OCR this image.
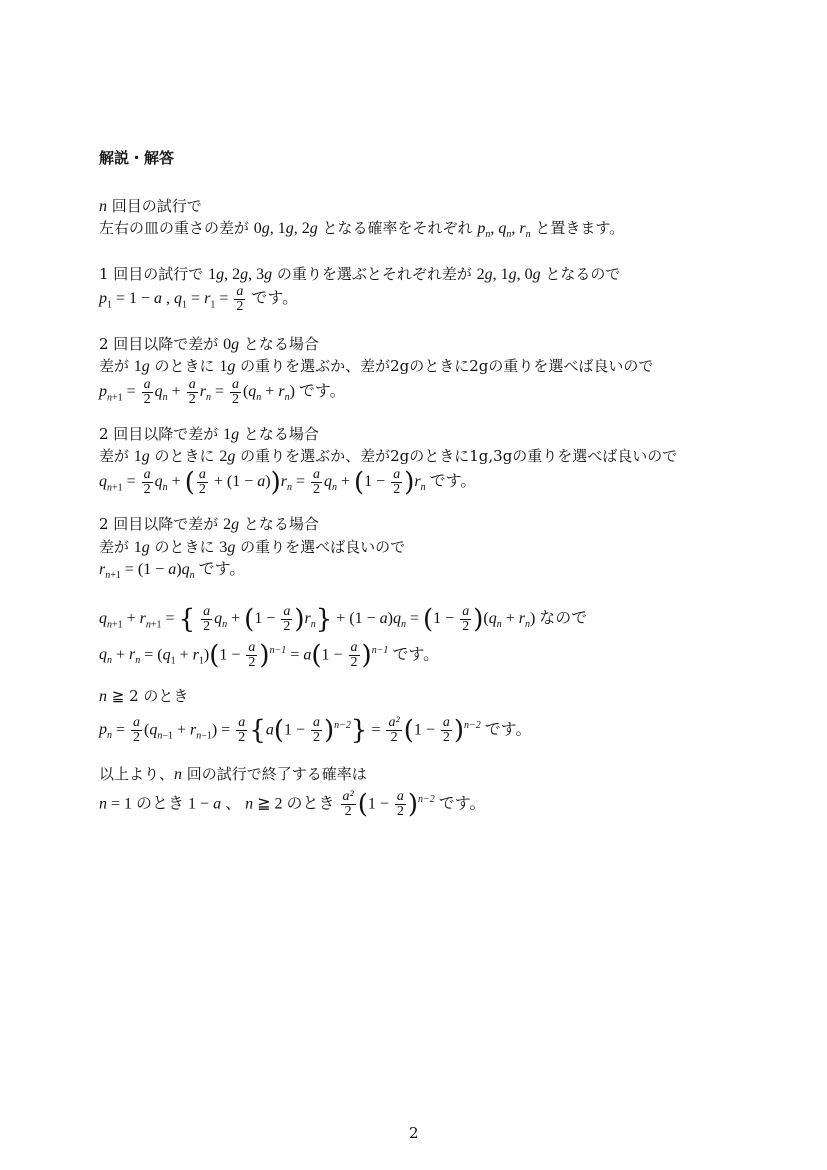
解説・解答
n 回目の試行で
左右の皿の重さの差が 0g, 1g, 2g となる確率をそれぞれ $p_n$, $q_n$, $r_n$ と置きます。
1 回目の試行で 1g, 2g, 3g の重りを選ぶとそれぞれ差が 2g, 1g, 0g となるので
$p_1 = 1 - a$ , $q_1 = r_1 = \frac{a}{2}$ です。
2 回目以降で差が 0g となる場合
差が 1g のときに 1g の重りを選ぶか、差が2gのときに2gの重りを選べば良いので
$p_{n+1} = \frac{a}{2} q_n + \frac{a}{2} r_n = \frac{a}{2} (q_n + r_n)$ です。
2 回目以降で差が 1g となる場合
差が 1g のときに 2g の重りを選ぶか、差が2gのときに1g,3gの重りを選べば良いので
$q_{n+1} = \frac{a}{2} q_n$ + ( $\frac{a}{2} + (1 - a))r_n = \frac{a}{2} q_n + (1 - \frac{a}{2} )r_n$ です。
2 回目以降で差が 2g となる場合
差が 1g のときに 3g の重りを選べば良いので
$r_{n+1} = (1 - a)q_n$ です。
$q_{n+1} + r_{n+1}$ = { $\frac{a}{2} q_n + (1 - \frac{a}{2} )r_n\} + (1 - a)q_n = (1 - \frac{a}{2} )(q_n + r_n)$ なので
$q_n + r_n = (q_1 + r_1)(1 - \frac{a}{2} )^{n-1} = a(1 - \frac{a}{2} )^{n-1}$ です。
n ≧ 2 のとき
$p_n = \frac{a}{2} (q_{n-1} + r_{n-1}) = \frac{a}{2} \{a(1 - \frac{a}{2} )^{n-2}\} = \frac{\text{a²}}{2} (1 - \frac{a}{2} )^{n-2}$ です。
以上より、n 回の試行で終了する確率は
n = 1 のとき 1 − a 、 n ≧ 2 のとき $\frac{\text{a²}}{2} (1 - \frac{a}{2} )^{n-2}$ です。
2
